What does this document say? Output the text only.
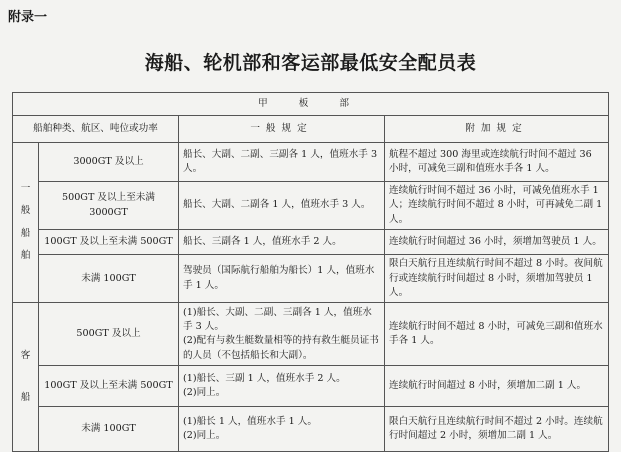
附录一
海船、轮机部和客运部最低安全配员表
甲 板 部			
船舶种类、航区、吨位或功率		一般规定	附加规定

一
般
船
舶	3000GT 及以上	船长、大副、二副、三副各 1 人，值班水手 3 人。	航程不超过 300 海里或连续航行时间不超过 36 小时，可减免三副和值班水手各 1 人。
	500GT 及以上至未满 3000GT	船长、大副、二副各 1 人，值班水手 3 人。	连续航行时间不超过 36 小时，可减免值班水手 1 人；连续航行时间不超过 8 小时，可再减免二副 1 人。
	100GT 及以上至未满 500GT	船长、三副各 1 人，值班水手 2 人。	连续航行时间超过 36 小时，须增加驾驶员 1 人。
	未满 100GT	驾驶员（国际航行船舶为船长）1 人，值班水手 1 人。	限白天航行且连续航行时间不超过 8 小时。夜间航行或连续航行时间超过 8 小时，须增加驾驶员 1 人。

客
船	500GT 及以上	(1)船长、大副、二副、三副各 1 人，值班水手 3 人。
(2)配有与救生艇数量相等的持有救生艇员证书的人员（不包括船长和大副）。	连续航行时间不超过 8 小时，可减免三副和值班水手各 1 人。
	100GT 及以上至未满 500GT	(1)船长、三副 1 人，值班水手 2 人。
(2)同上。	连续航行时间超过 8 小时，须增加二副 1 人。
	未满 100GT	(1)船长 1 人，值班水手 1 人。
(2)同上。	限白天航行且连续航行时间不超过 2 小时。连续航行时间超过 2 小时，须增加二副 1 人。
